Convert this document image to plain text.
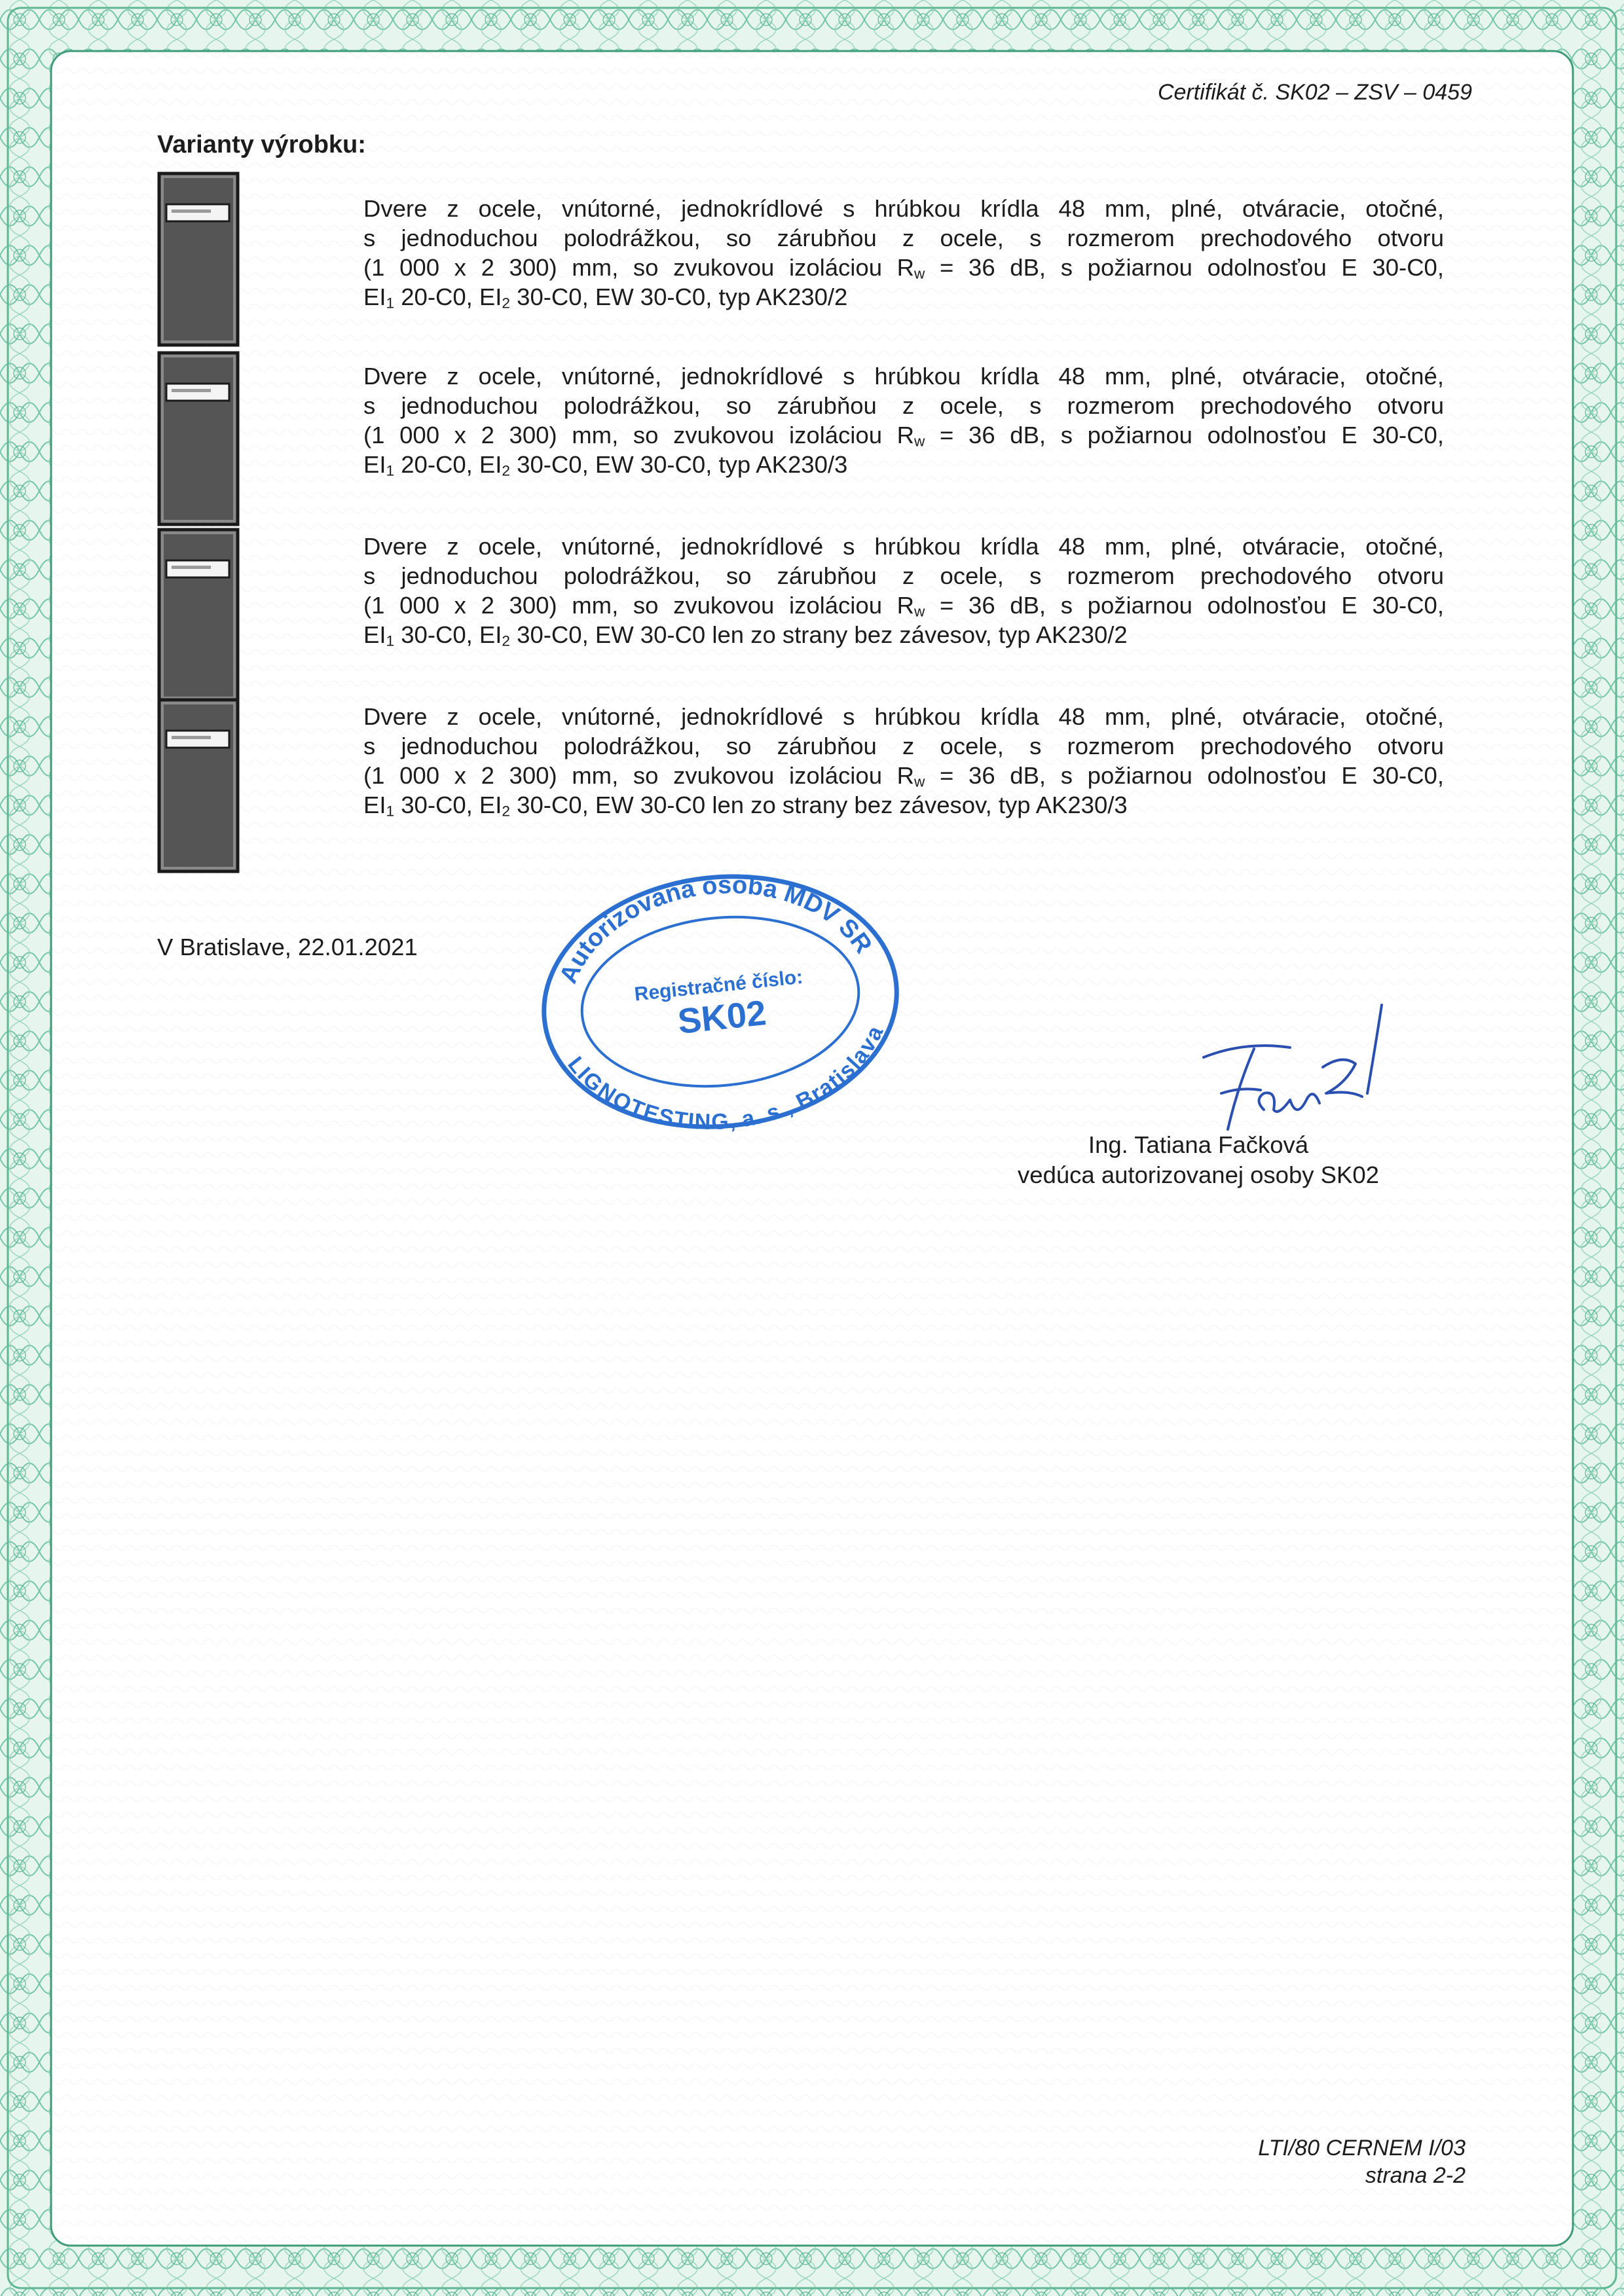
Certifikát č. SK02 – ZSV – 0459
Varianty výrobku:
Dvere z ocele, vnútorné, jednokrídlové s hrúbkou krídla 48 mm, plné, otváracie, otočné,
s jednoduchou polodrážkou, so zárubňou z ocele, s rozmerom prechodového otvoru
(1 000 x 2 300) mm, so zvukovou izoláciou $R_w = 36$ dB, s požiarnou odolnosťou E 30-C0,
$EI_1$ 20-C0, $EI_2$ 30-C0, EW 30-C0, typ AK230/2
Dvere z ocele, vnútorné, jednokrídlové s hrúbkou krídla 48 mm, plné, otváracie, otočné,
s jednoduchou polodrážkou, so zárubňou z ocele, s rozmerom prechodového otvoru
(1 000 x 2 300) mm, so zvukovou izoláciou $R_w = 36$ dB, s požiarnou odolnosťou E 30-C0,
$EI_1$ 20-C0, $EI_2$ 30-C0, EW 30-C0, typ AK230/3
Dvere z ocele, vnútorné, jednokrídlové s hrúbkou krídla 48 mm, plné, otváracie, otočné,
s jednoduchou polodrážkou, so zárubňou z ocele, s rozmerom prechodového otvoru
(1 000 x 2 300) mm, so zvukovou izoláciou $R_w = 36$ dB, s požiarnou odolnosťou E 30-C0,
$EI_1$ 30-C0, $EI_2$ 30-C0, EW 30-C0 len zo strany bez závesov, typ AK230/2
Dvere z ocele, vnútorné, jednokrídlové s hrúbkou krídla 48 mm, plné, otváracie, otočné,
s jednoduchou polodrážkou, so zárubňou z ocele, s rozmerom prechodového otvoru
(1 000 x 2 300) mm, so zvukovou izoláciou $R_w = 36$ dB, s požiarnou odolnosťou E 30-C0,
$EI_1$ 30-C0, $EI_2$ 30-C0, EW 30-C0 len zo strany bez závesov, typ AK230/3
V Bratislave, 22.01.2021
Autorizovaná osoba MDV SR
Registračné číslo:
SK02
LIGNOTESTING, a. s., Bratislava
Ing. Tatiana Fačková
vedúca autorizovanej osoby SK02
LTI/80 CERNEM I/03
strana 2-2
